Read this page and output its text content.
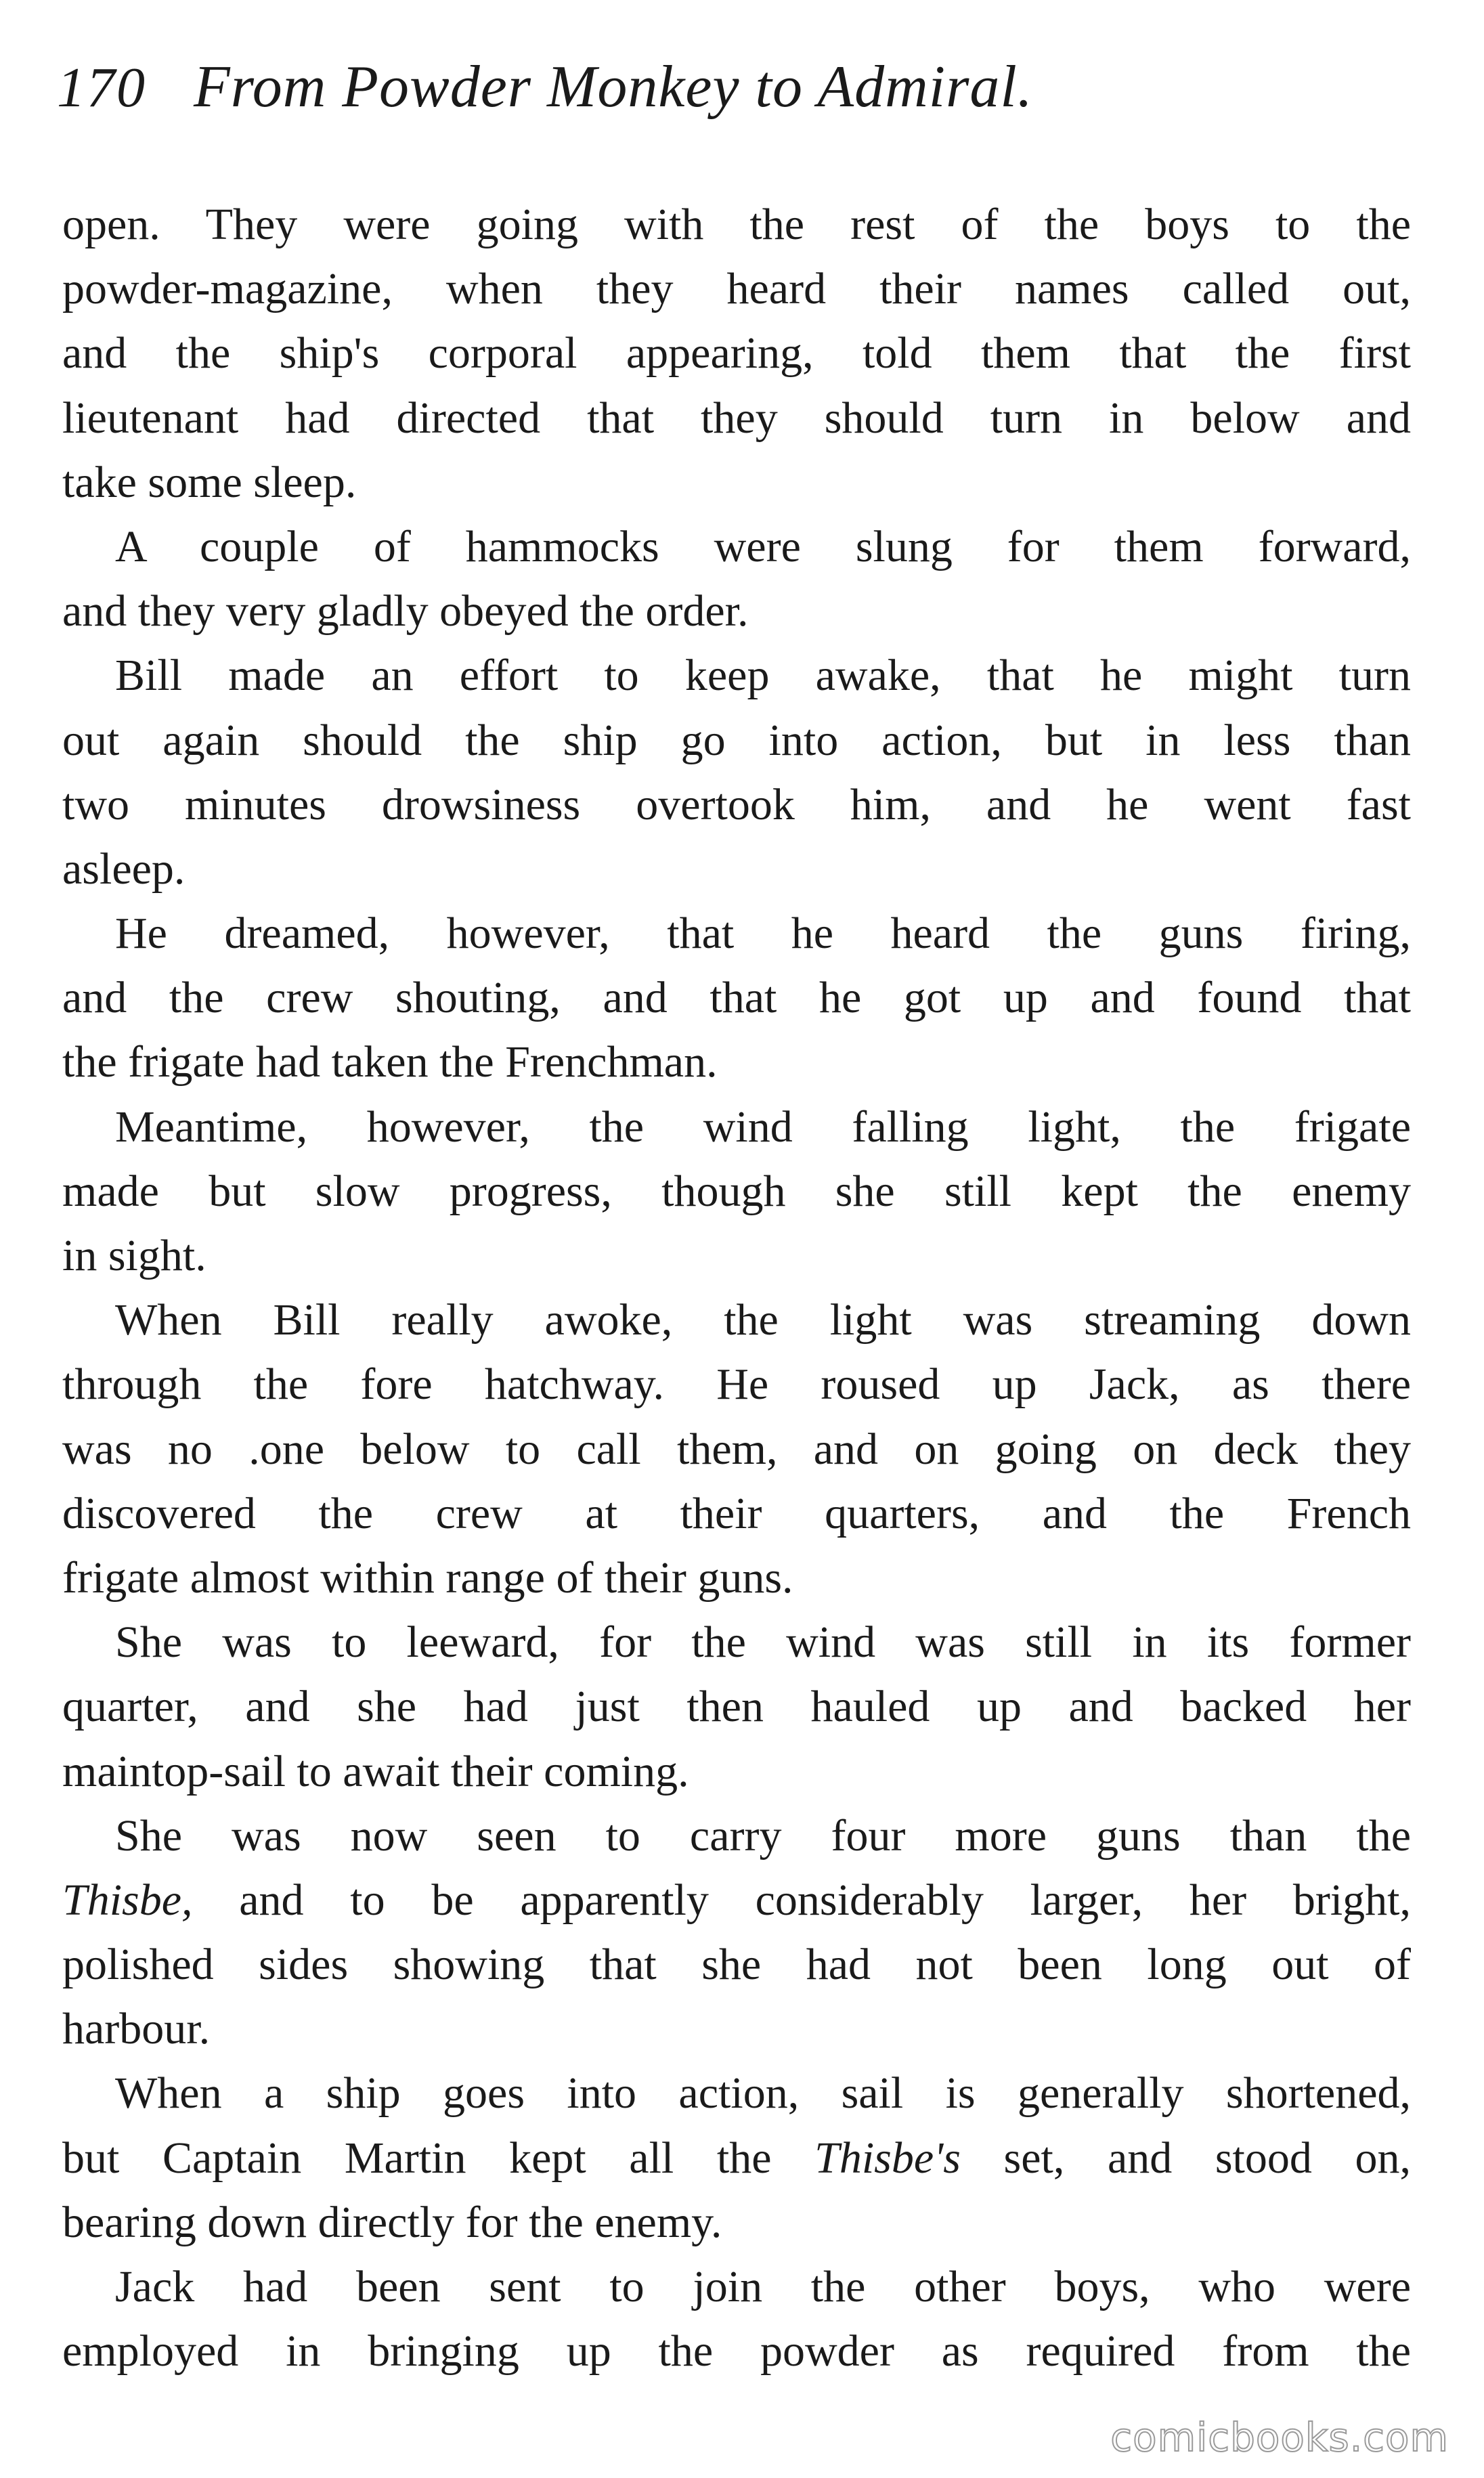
170 From Powder Monkey to Admiral.
open. They were going with the rest of the boys to the
powder-magazine, when they heard their names called out,
and the ship's corporal appearing, told them that the first
lieutenant had directed that they should turn in below and
take some sleep.
A couple of hammocks were slung for them forward,
and they very gladly obeyed the order.
Bill made an effort to keep awake, that he might turn
out again should the ship go into action, but in less than
two minutes drowsiness overtook him, and he went fast
asleep.
He dreamed, however, that he heard the guns firing,
and the crew shouting, and that he got up and found that
the frigate had taken the Frenchman.
Meantime, however, the wind falling light, the frigate
made but slow progress, though she still kept the enemy
in sight.
When Bill really awoke, the light was streaming down
through the fore hatchway. He roused up Jack, as there
was no .one below to call them, and on going on deck they
discovered the crew at their quarters, and the French
frigate almost within range of their guns.
She was to leeward, for the wind was still in its former
quarter, and she had just then hauled up and backed her
maintop-sail to await their coming.
She was now seen to carry four more guns than the
Thisbe, and to be apparently considerably larger, her bright,
polished sides showing that she had not been long out of
harbour.
When a ship goes into action, sail is generally shortened,
but Captain Martin kept all the Thisbe's set, and stood on,
bearing down directly for the enemy.
Jack had been sent to join the other boys, who were
employed in bringing up the powder as required from the
comicbooks.com
